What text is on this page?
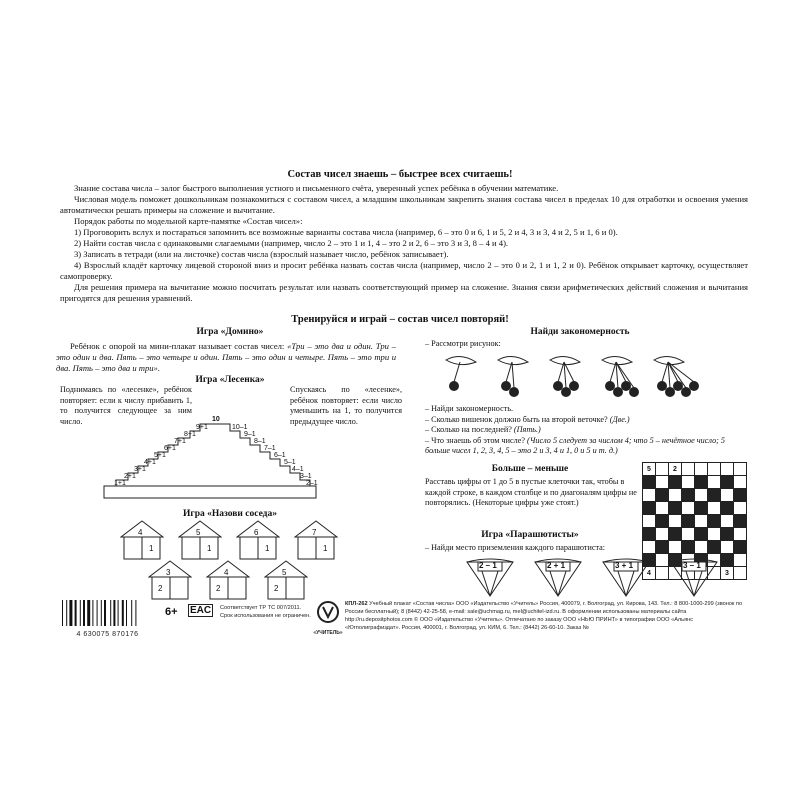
Состав чисел знаешь – быстрее всех считаешь!

Знание состава числа – залог быстрого выполнения устного и письменного счёта, уверенный успех ребёнка в обучении математике.

Числовая модель поможет дошкольникам познакомиться с составом чисел, а младшим школьникам закрепить знания состава чисел в пределах 10 для отработки и освоения умения автоматически решать примеры на сложение и вычитание.

Порядок работы по модельной карте-памятке «Состав чисел»:

1) Проговорить вслух и постараться запомнить все возможные варианты состава числа (например, 6 – это 0 и 6, 1 и 5, 2 и 4, 3 и 3, 4 и 2, 5 и 1, 6 и 0).

2) Найти состав числа с одинаковыми слагаемыми (например, число 2 – это 1 и 1, 4 – это 2 и 2, 6 – это 3 и 3, 8 – 4 и 4).

3) Записать в тетради (или на листочке) состав числа (взрослый называет число, ребёнок записывает).

4) Взрослый кладёт карточку лицевой стороной вниз и просит ребёнка назвать состав числа (например, число 2 – это 0 и 2, 1 и 1, 2 и 0). Ребёнок открывает карточку, осуществляет самопроверку.

Для решения примера на вычитание можно посчитать результат или назвать соответствующий пример на сложение. Знания связи арифметических действий сложения и вычитания пригодятся для решения уравнений.

Тренируйся и играй – состав чисел повторяй!
Игра «Домино»

Ребёнок с опорой на мини-плакат называет состав чисел: «Три – это два и один. Три – это один и два. Пять – это четыре и один. Пять – это один и четыре. Пять – это три и два. Пять – это два и три».

Игра «Лесенка»
Поднимаясь по «лесенке», ребёнок повторяет: если к числу прибавить 1, то получится следующее за ним число.
Спускаясь по «лесенке», ребёнок повторяет: если число уменьшить на 1, то получится предыдущее число.
1+1
2+1
3+1
4+1
5+1
6+1
7+1
8+1
9+1
10
10–1
9–1
8–1
7–1
6–1
5–1
4–1
3–1
2–1
Игра «Назови соседа»
4
1
5
1
6
1
7
1
3
2
4
2
5
2
Найди закономерность
– Рассмотри рисунок:
– Найди закономерность.
– Сколько вишенок должно быть на второй веточке? (Две.)
– Сколько на последней? (Пять.)
– Что знаешь об этом числе? (Число 5 следует за числом 4; что 5 – нечётное число; 5 больше чисел 1, 2, 3, 4, 5 – это 2 и 3, 4 и 1, 0 и 5 и т. д.)
Больше – меньше
Расставь цифры от 1 до 5 в пустые клеточки так, чтобы в каждой строке, в каждом столбце и по диагоналям цифры не повторялись. (Некоторые цифры уже стоят.)
5		2					

4						3	
Игра «Парашютисты»
– Найди место приземления каждого парашютиста:
2 – 1	2 + 1	3 + 1	3 – 1
4 630075 870176
6+ EAC	Соответствует ТР ТС 007/2011. Срок использования не ограничен.
«УЧИТЕЛЬ»
КПЛ-262 Учебный плакат «Состав числа» ООО «Издательство «Учитель» Россия, 400079, г. Волгоград, ул. Кирова, 143. Тел.: 8 800-1000-299 (звонок по России бесплатный); 8 (8442) 42-25-58, e-mail: sale@uchmag.ru, mel@uchitel-izd.ru. В оформлении использованы материалы сайта http://ru.depositphotos.com © ООО «Издательство «Учитель». Отпечатано по заказу ООО «НЬЮ ПРИНТ» в типографии ООО «Альянс «Югполиграфиздат». Россия, 400001, г. Волгоград, ул. КИМ, 6. Тел.: (8442) 26-60-10. Заказ №
